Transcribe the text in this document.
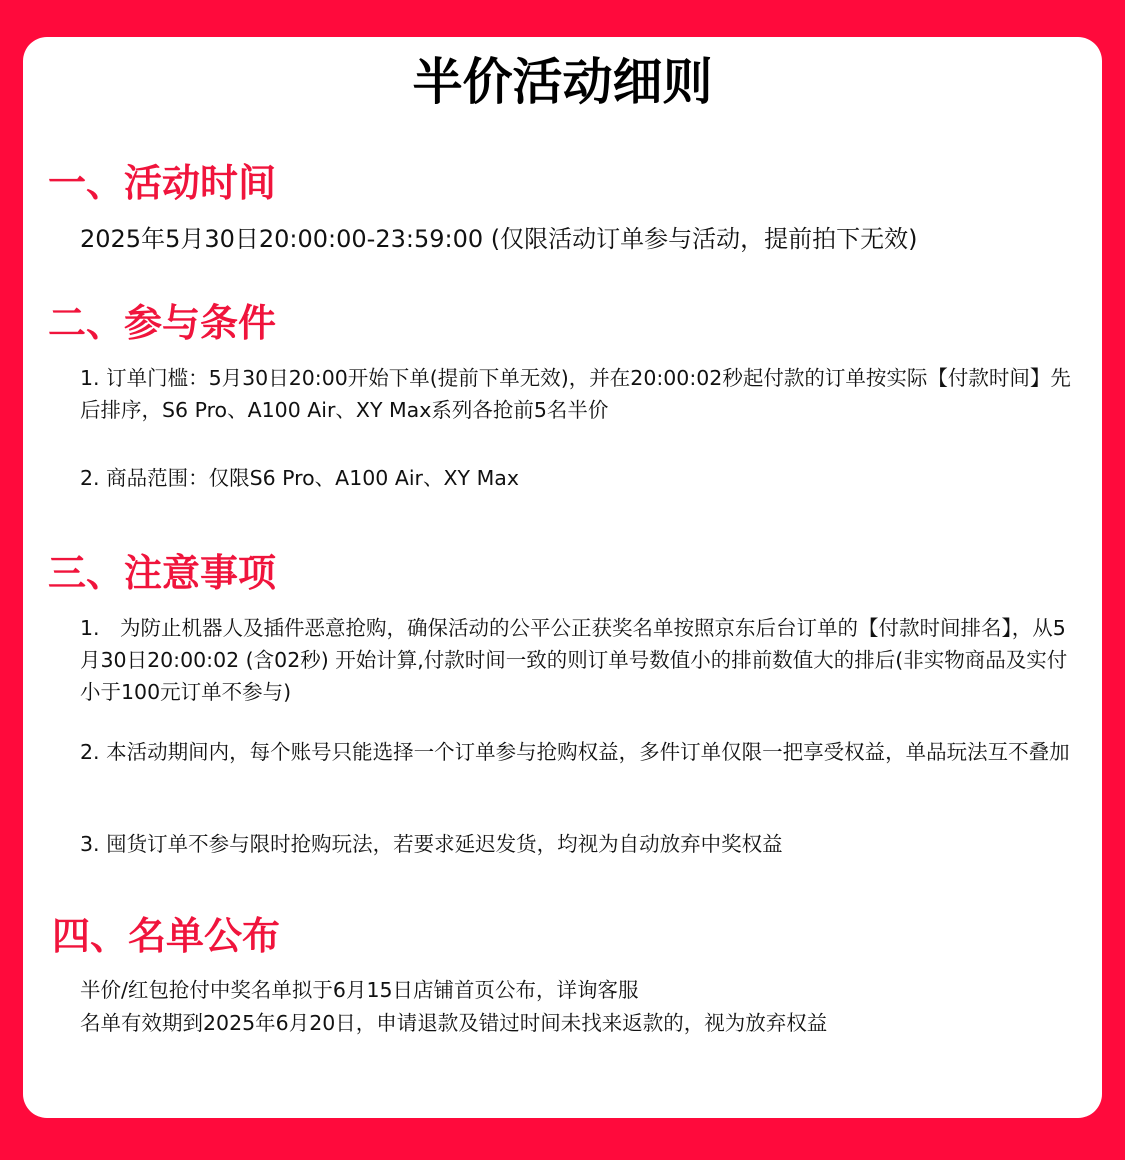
半价活动细则
一、活动时间

2025年5月30日20:00:00-23:59:00 (仅限活动订单参与活动，提前拍下无效)

二、参与条件

1. 订单门槛：5月30日20:00开始下单(提前下单无效)，并在20:00:02秒起付款的订单按实际【付款时间】先后排序，S6 Pro、A100 Air、XY Max系列各抢前5名半价

2. 商品范围：仅限S6 Pro、A100 Air、XY Max

三、注意事项

1.　为防止机器人及插件恶意抢购，确保活动的公平公正获奖名单按照京东后台订单的【付款时间排名】，从5月30日20:00:02 (含02秒) 开始计算,付款时间一致的则订单号数值小的排前数值大的排后(非实物商品及实付小于100元订单不参与)

2. 本活动期间内，每个账号只能选择一个订单参与抢购权益，多件订单仅限一把享受权益，单品玩法互不叠加

3. 囤货订单不参与限时抢购玩法，若要求延迟发货，均视为自动放弃中奖权益

四、名单公布

半价/红包抢付中奖名单拟于6月15日店铺首页公布，详询客服

名单有效期到2025年6月20日，申请退款及错过时间未找来返款的，视为放弃权益
